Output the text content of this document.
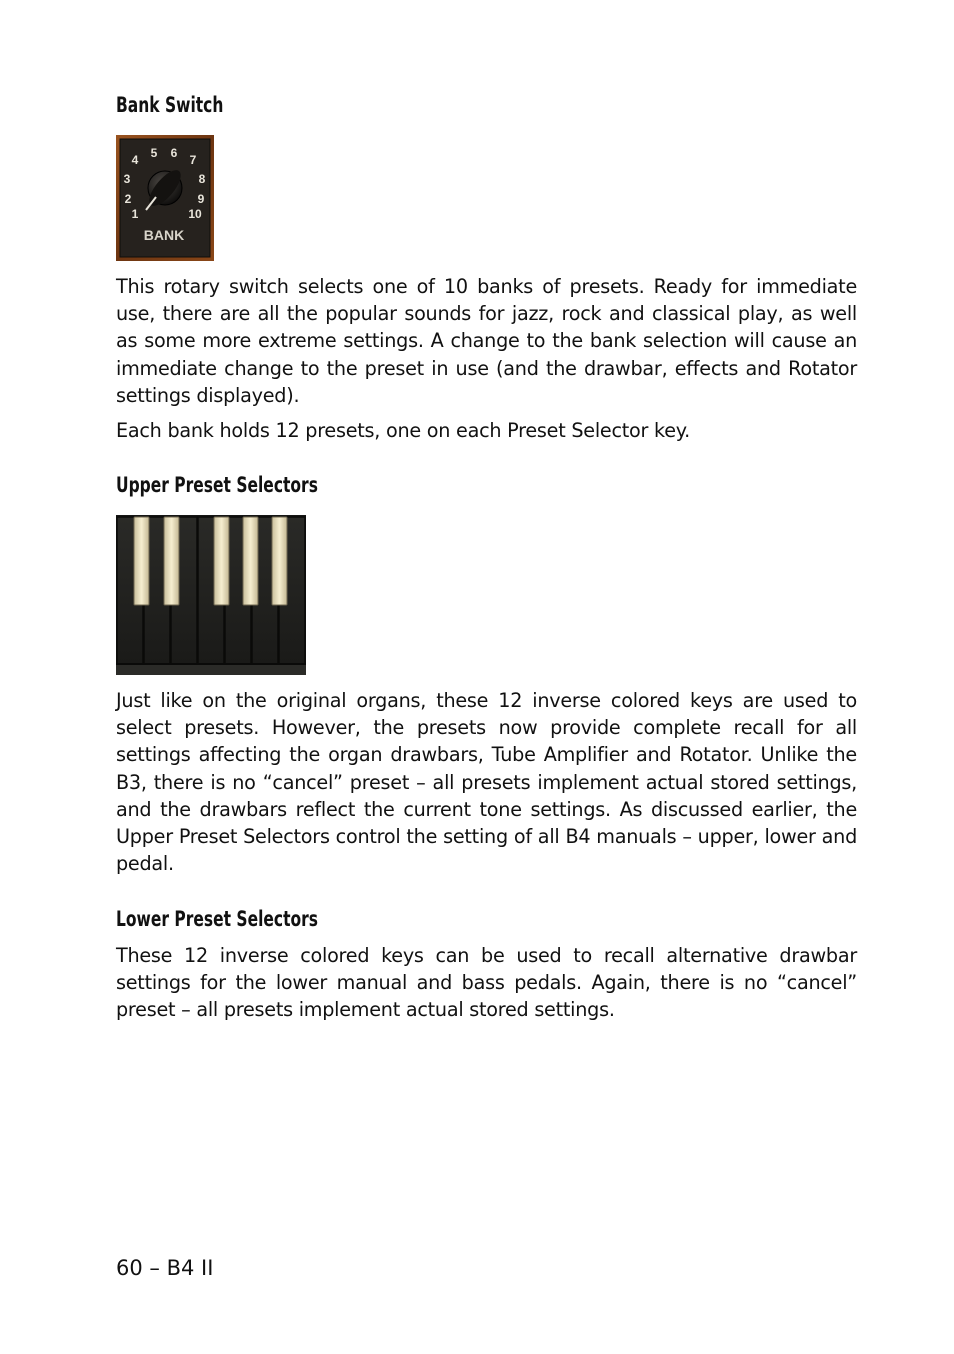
Bank Switch
1
2
3
4 5 6 7
8
9
10
BANK

This rotary switch selects one of 10 banks of presets. Ready for immediate use, there are all the popular sounds for jazz, rock and classical play, as well as some more extreme settings. A change to the bank selection will cause an immediate change to the preset in use (and the drawbar, effects and Rotator settings displayed).

Each bank holds 12 presets, one on each Preset Selector key.

Upper Preset Selectors

Just like on the original organs, these 12 inverse colored keys are used to select presets. However, the presets now provide complete recall for all settings affecting the organ drawbars, Tube Amplifier and Rotator. Unlike the B3, there is no “cancel” preset – all presets implement actual stored settings, and the drawbars reflect the current tone settings. As discussed earlier, the Upper Preset Selectors control the setting of all B4 manuals – upper, lower and pedal.

Lower Preset Selectors

These 12 inverse colored keys can be used to recall alternative drawbar settings for the lower manual and bass pedals. Again, there is no “cancel” preset – all presets implement actual stored settings.

60 – B4 II
